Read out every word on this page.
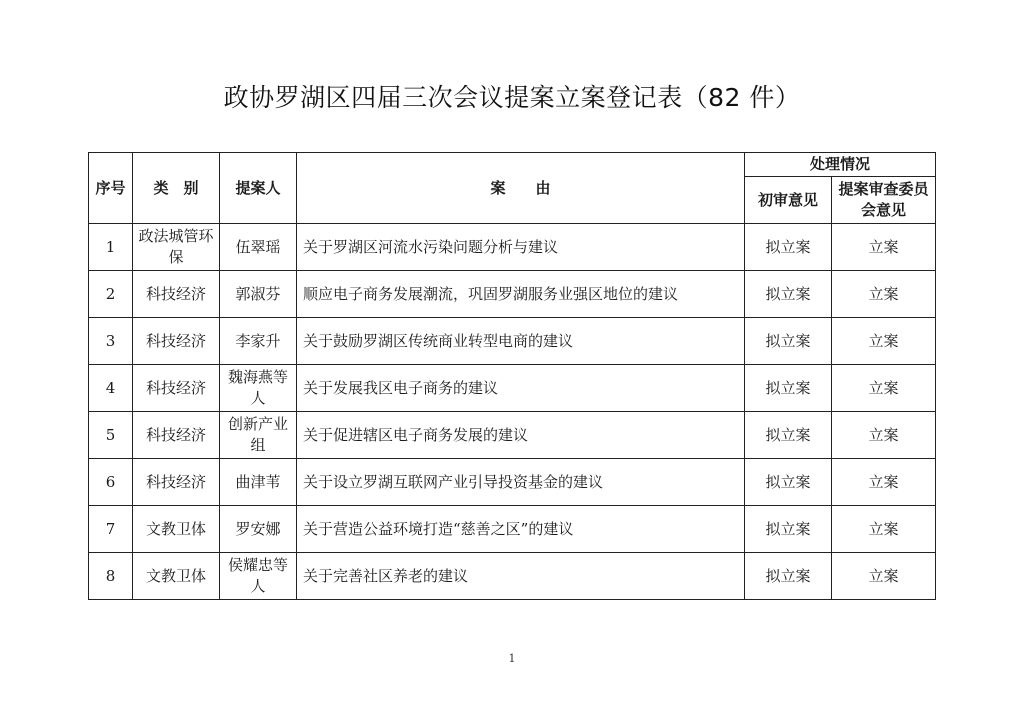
政协罗湖区四届三次会议提案立案登记表（82 件）
序号	类　别	提案人	案　　由	处理情况	
				初审意见	提案审查委员会意见
1	政法城管环保	伍翠瑶	关于罗湖区河流水污染问题分析与建议	拟立案	立案
2	科技经济	郭淑芬	顺应电子商务发展潮流，巩固罗湖服务业强区地位的建议	拟立案	立案
3	科技经济	李家升	关于鼓励罗湖区传统商业转型电商的建议	拟立案	立案
4	科技经济	魏海燕等人	关于发展我区电子商务的建议	拟立案	立案
5	科技经济	创新产业组	关于促进辖区电子商务发展的建议	拟立案	立案
6	科技经济	曲津苇	关于设立罗湖互联网产业引导投资基金的建议	拟立案	立案
7	文教卫体	罗安娜	关于营造公益环境打造“慈善之区”的建议	拟立案	立案
8	文教卫体	侯耀忠等人	关于完善社区养老的建议	拟立案	立案
1
